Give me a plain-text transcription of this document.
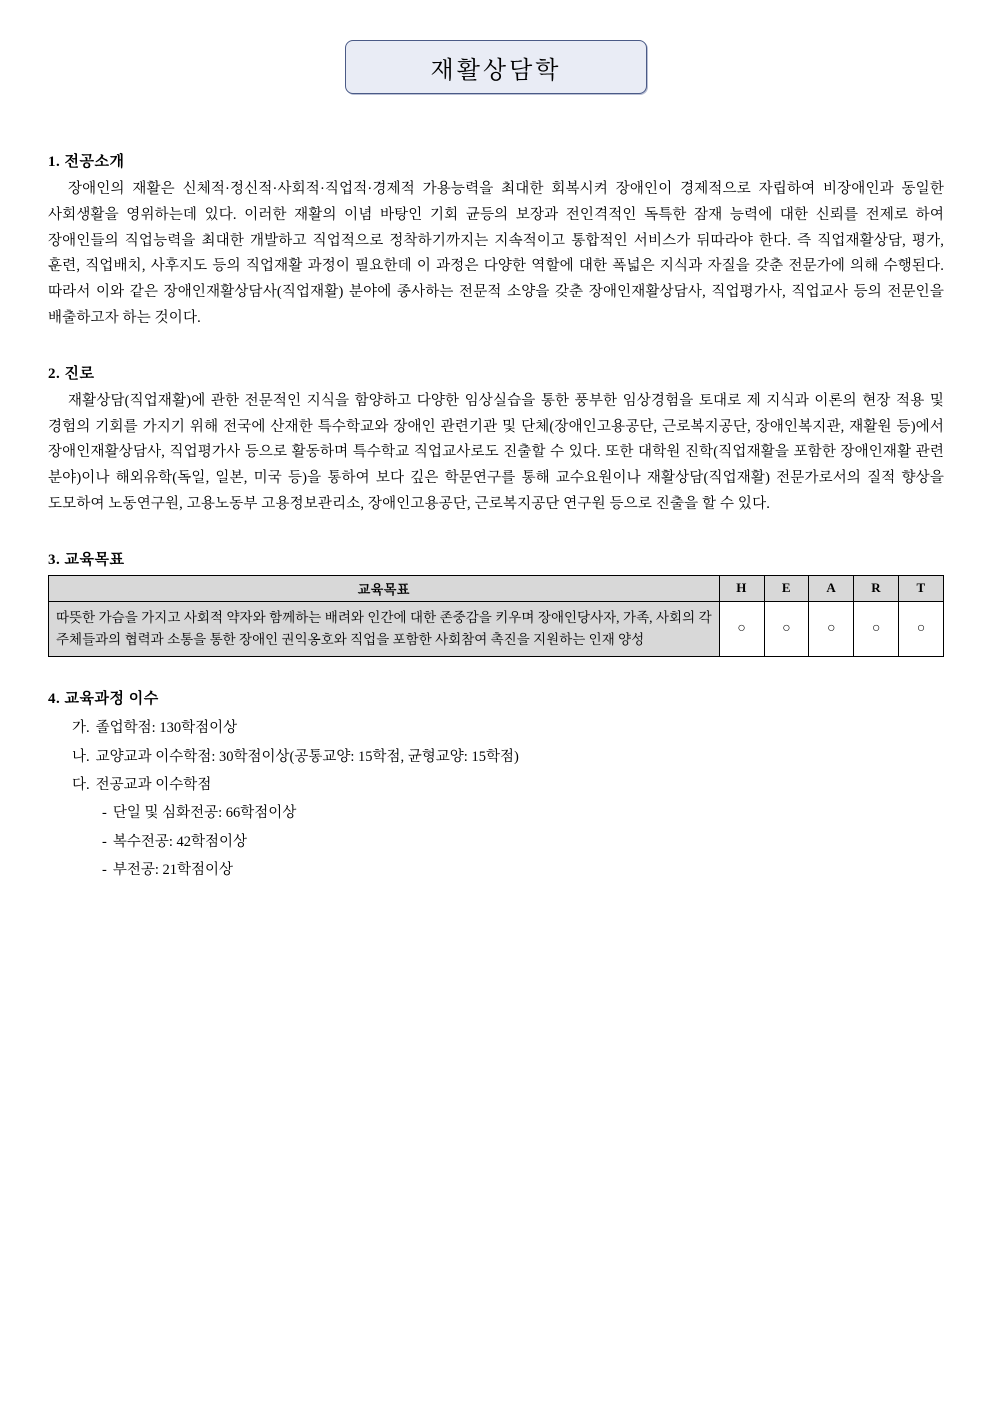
재활상담학
1. 전공소개

장애인의 재활은 신체적·정신적·사회적·직업적·경제적 가용능력을 최대한 회복시켜 장애인이 경제적으로 자립하여 비장애인과 동일한 사회생활을 영위하는데 있다. 이러한 재활의 이념 바탕인 기회 균등의 보장과 전인격적인 독특한 잠재 능력에 대한 신뢰를 전제로 하여 장애인들의 직업능력을 최대한 개발하고 직업적으로 정착하기까지는 지속적이고 통합적인 서비스가 뒤따라야 한다. 즉 직업재활상담, 평가, 훈련, 직업배치, 사후지도 등의 직업재활 과정이 필요한데 이 과정은 다양한 역할에 대한 폭넓은 지식과 자질을 갖춘 전문가에 의해 수행된다. 따라서 이와 같은 장애인재활상담사(직업재활) 분야에 종사하는 전문적 소양을 갖춘 장애인재활상담사, 직업평가사, 직업교사 등의 전문인을 배출하고자 하는 것이다.

2. 진로

재활상담(직업재활)에 관한 전문적인 지식을 함양하고 다양한 임상실습을 통한 풍부한 임상경험을 토대로 제 지식과 이론의 현장 적용 및 경험의 기회를 가지기 위해 전국에 산재한 특수학교와 장애인 관련기관 및 단체(장애인고용공단, 근로복지공단, 장애인복지관, 재활원 등)에서 장애인재활상담사, 직업평가사 등으로 활동하며 특수학교 직업교사로도 진출할 수 있다. 또한 대학원 진학(직업재활을 포함한 장애인재활 관련 분야)이나 해외유학(독일, 일본, 미국 등)을 통하여 보다 깊은 학문연구를 통해 교수요원이나 재활상담(직업재활) 전문가로서의 질적 향상을 도모하여 노동연구원, 고용노동부 고용정보관리소, 장애인고용공단, 근로복지공단 연구원 등으로 진출을 할 수 있다.

3. 교육목표
교육목표	H	E	A	R	T
따뜻한 가슴을 가지고 사회적 약자와 함께하는 배려와 인간에 대한 존중감을 키우며 장애인당사자, 가족, 사회의 각 주체들과의 협력과 소통을 통한 장애인 권익옹호와 직업을 포함한 사회참여 촉진을 지원하는 인재 양성	○	○	○	○	○
4. 교육과정 이수
가. 졸업학점: 130학점이상
나. 교양교과 이수학점: 30학점이상(공통교양: 15학점, 균형교양: 15학점)
다. 전공교과 이수학점
- 단일 및 심화전공: 66학점이상
- 복수전공: 42학점이상
- 부전공: 21학점이상
